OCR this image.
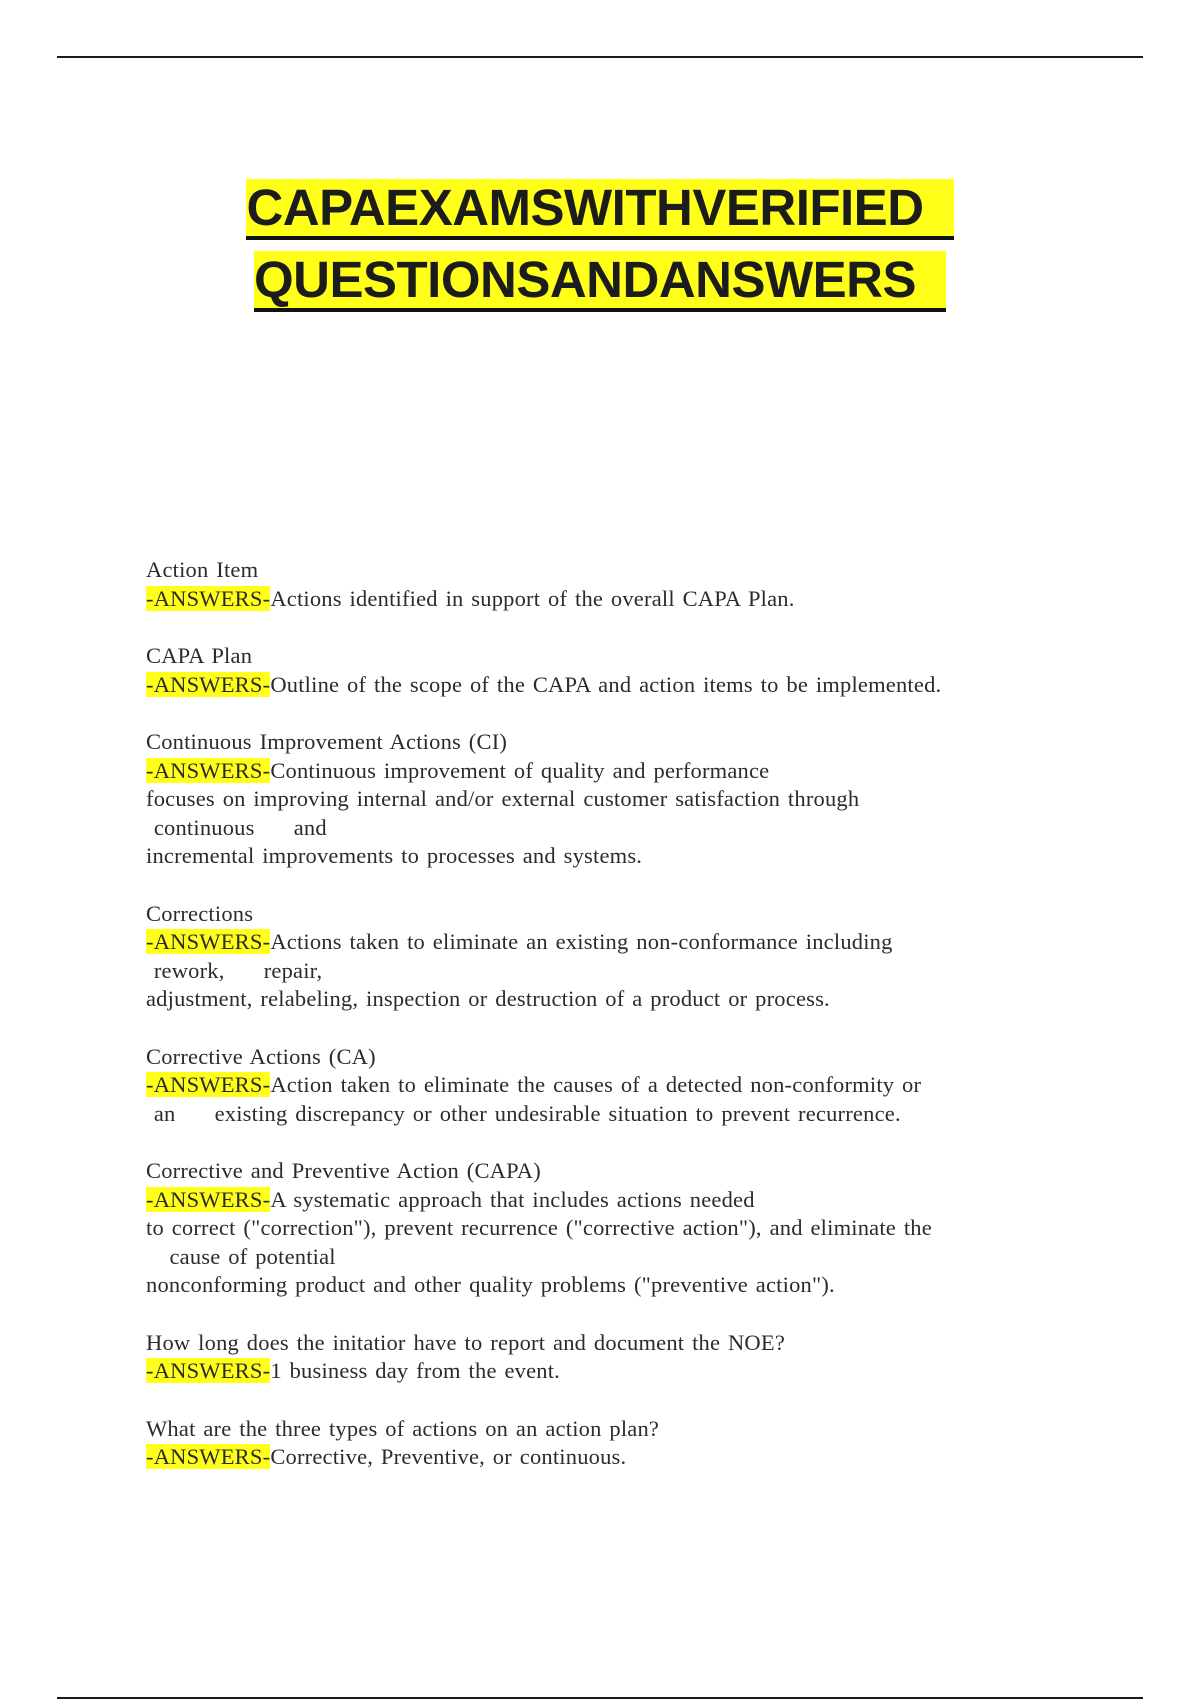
CAPAEXAMSWITHVERIFIED
QUESTIONSANDANSWERS
Action Item
-ANSWERS-Actions identified in support of the overall CAPA Plan.
CAPA Plan
-ANSWERS-Outline of the scope of the CAPA and action items to be implemented.
Continuous Improvement Actions (CI)
-ANSWERS-Continuous improvement of quality and performance
focuses on improving internal and/or external customer satisfaction through
continuous     and
incremental improvements to processes and systems.
Corrections
-ANSWERS-Actions taken to eliminate an existing non-conformance including
rework,     repair,
adjustment, relabeling, inspection or destruction of a product or process.
Corrective Actions (CA)
-ANSWERS-Action taken to eliminate the causes of a detected non-conformity or
an     existing discrepancy or other undesirable situation to prevent recurrence.
Corrective and Preventive Action (CAPA)
-ANSWERS-A systematic approach that includes actions needed
to correct ("correction"), prevent recurrence ("corrective action"), and eliminate the
cause of potential
nonconforming product and other quality problems ("preventive action").
How long does the initatior have to report and document the NOE?
-ANSWERS-1 business day from the event.
What are the three types of actions on an action plan?
-ANSWERS-Corrective, Preventive, or continuous.
